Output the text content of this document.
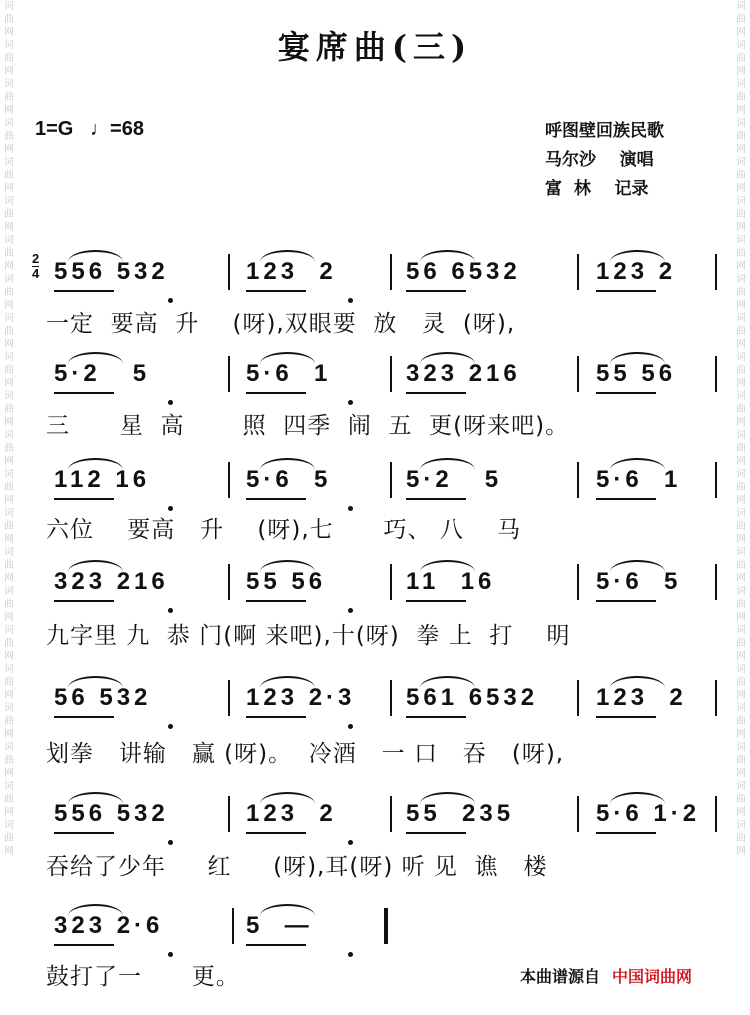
词曲网 词曲网 词曲网 词曲网 词曲网 词曲网 词曲网 词曲网 词曲网 词曲网 词曲网 词曲网 词曲网 词曲网 词曲网 词曲网 词曲网 词曲网 词曲网 词曲网 词曲网 词曲网
词曲网 词曲网 词曲网 词曲网 词曲网 词曲网 词曲网 词曲网 词曲网 词曲网 词曲网 词曲网 词曲网 词曲网 词曲网 词曲网 词曲网 词曲网 词曲网 词曲网 词曲网 词曲网
宴席曲(三)
1=G ♩=68	呼图壁回族民歌
马尔沙    演唱
富  林    记录
2
4 556 532	123  2	56 6532	123 2
一定  要高  升    (呀),双眼要  放   灵  (呀),
5·2   5	5·6  1	323 216	55 56
三      星  高       照  四季  闹  五  更(呀来吧)。
112 16	5·6  5	5·2   5	5·6  1
六位    要高   升    (呀),七      巧、 八    马
323 216	55 56	11  16	5·6  5
九字里 九  恭 门(啊 来吧),十(呀)  拳 上  打    明
56 532	123 2·3 561 6532 123  2
划拳   讲输   赢 (呀)。  冷酒   一 口   吞   (呀),
556 532	123  2	55  235	5·6 1·2
吞给了少年     红     (呀),耳(呀) 听 见  谯   楼
323 2·6	5  —
鼓打了一      更。	本曲谱源自 中国词曲网
